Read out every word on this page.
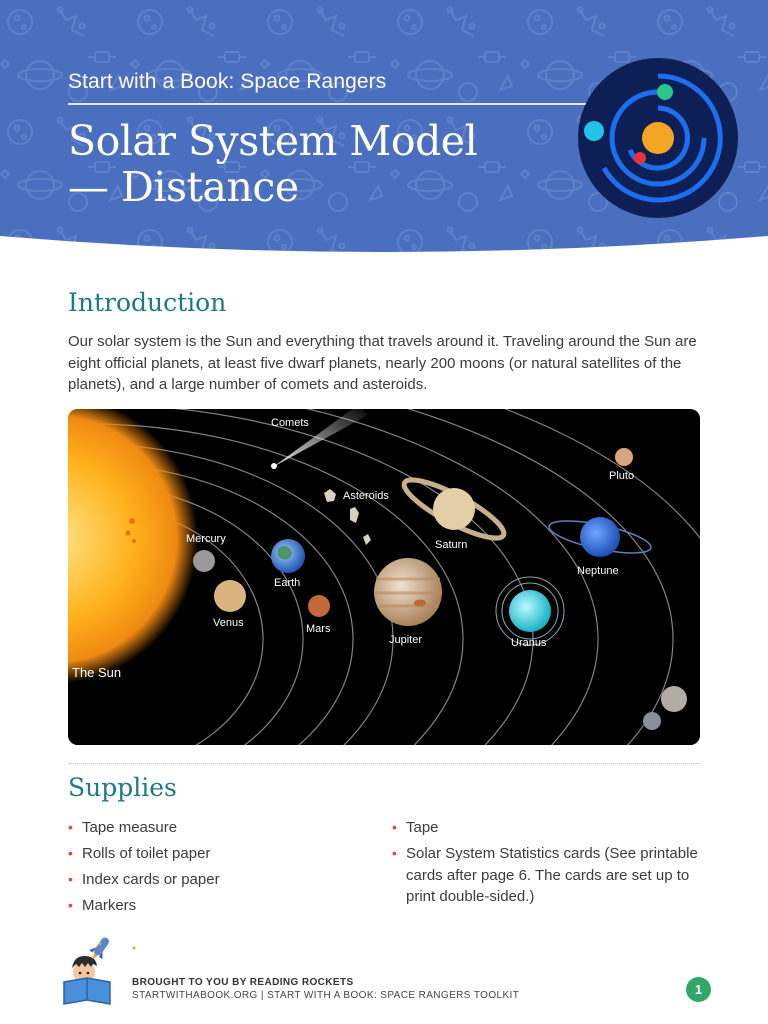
Start with a Book: Space Rangers
Solar System Model
— Distance
Introduction

Our solar system is the Sun and everything that travels around it. Traveling around the Sun are eight official planets, at least five dwarf planets, nearly 200 moons (or natural satellites of the planets), and a large number of comets and asteroids.

Comets
Asteroids
Pluto
Mercury
Earth
Saturn
Neptune
Venus	Mars
Jupiter	Uranus
The Sun
Supplies
• Tape measure
• Rolls of toilet paper
• Index cards or paper
• Markers
• Tape
• Solar System Statistics cards (See printable cards after page 6. The cards are set up to print double-sided.)
BROUGHT TO YOU BY READING ROCKETS
STARTWITHABOOK.ORG | START WITH A BOOK: SPACE RANGERS TOOLKIT	1
